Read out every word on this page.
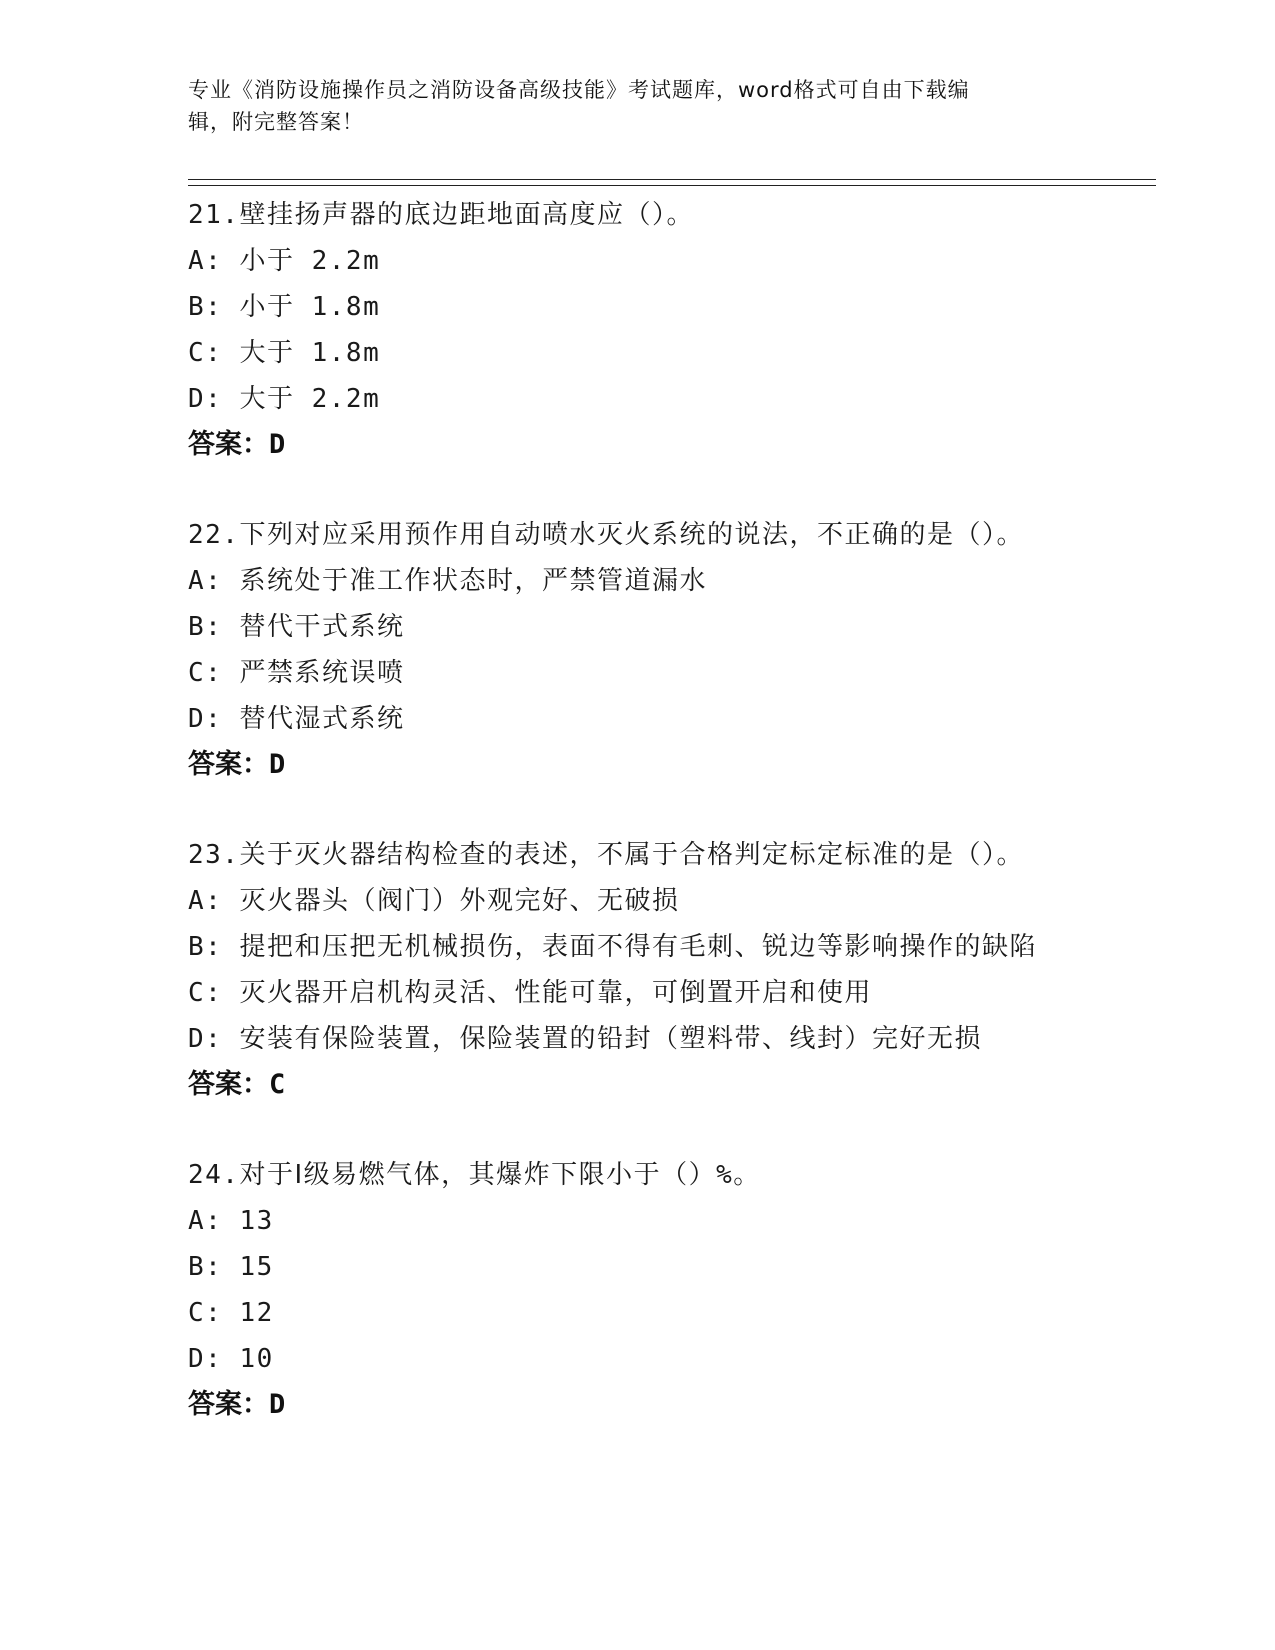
专业《消防设施操作员之消防设备高级技能》考试题库，word格式可自由下载编
辑，附完整答案！
21.壁挂扬声器的底边距地面高度应（）。
A: 小于 2.2m
B: 小于 1.8m
C: 大于 1.8m
D: 大于 2.2m
答案：D
22.下列对应采用预作用自动喷水灭火系统的说法，不正确的是（）。
A: 系统处于准工作状态时，严禁管道漏水
B: 替代干式系统
C: 严禁系统误喷
D: 替代湿式系统
答案：D
23.关于灭火器结构检查的表述，不属于合格判定标定标准的是（）。
A: 灭火器头（阀门）外观完好、无破损
B: 提把和压把无机械损伤，表面不得有毛刺、锐边等影响操作的缺陷
C: 灭火器开启机构灵活、性能可靠，可倒置开启和使用
D: 安装有保险装置，保险装置的铅封（塑料带、线封）完好无损
答案：C
24.对于Ⅰ级易燃气体，其爆炸下限小于（）%。
A: 13
B: 15
C: 12
D: 10
答案：D
